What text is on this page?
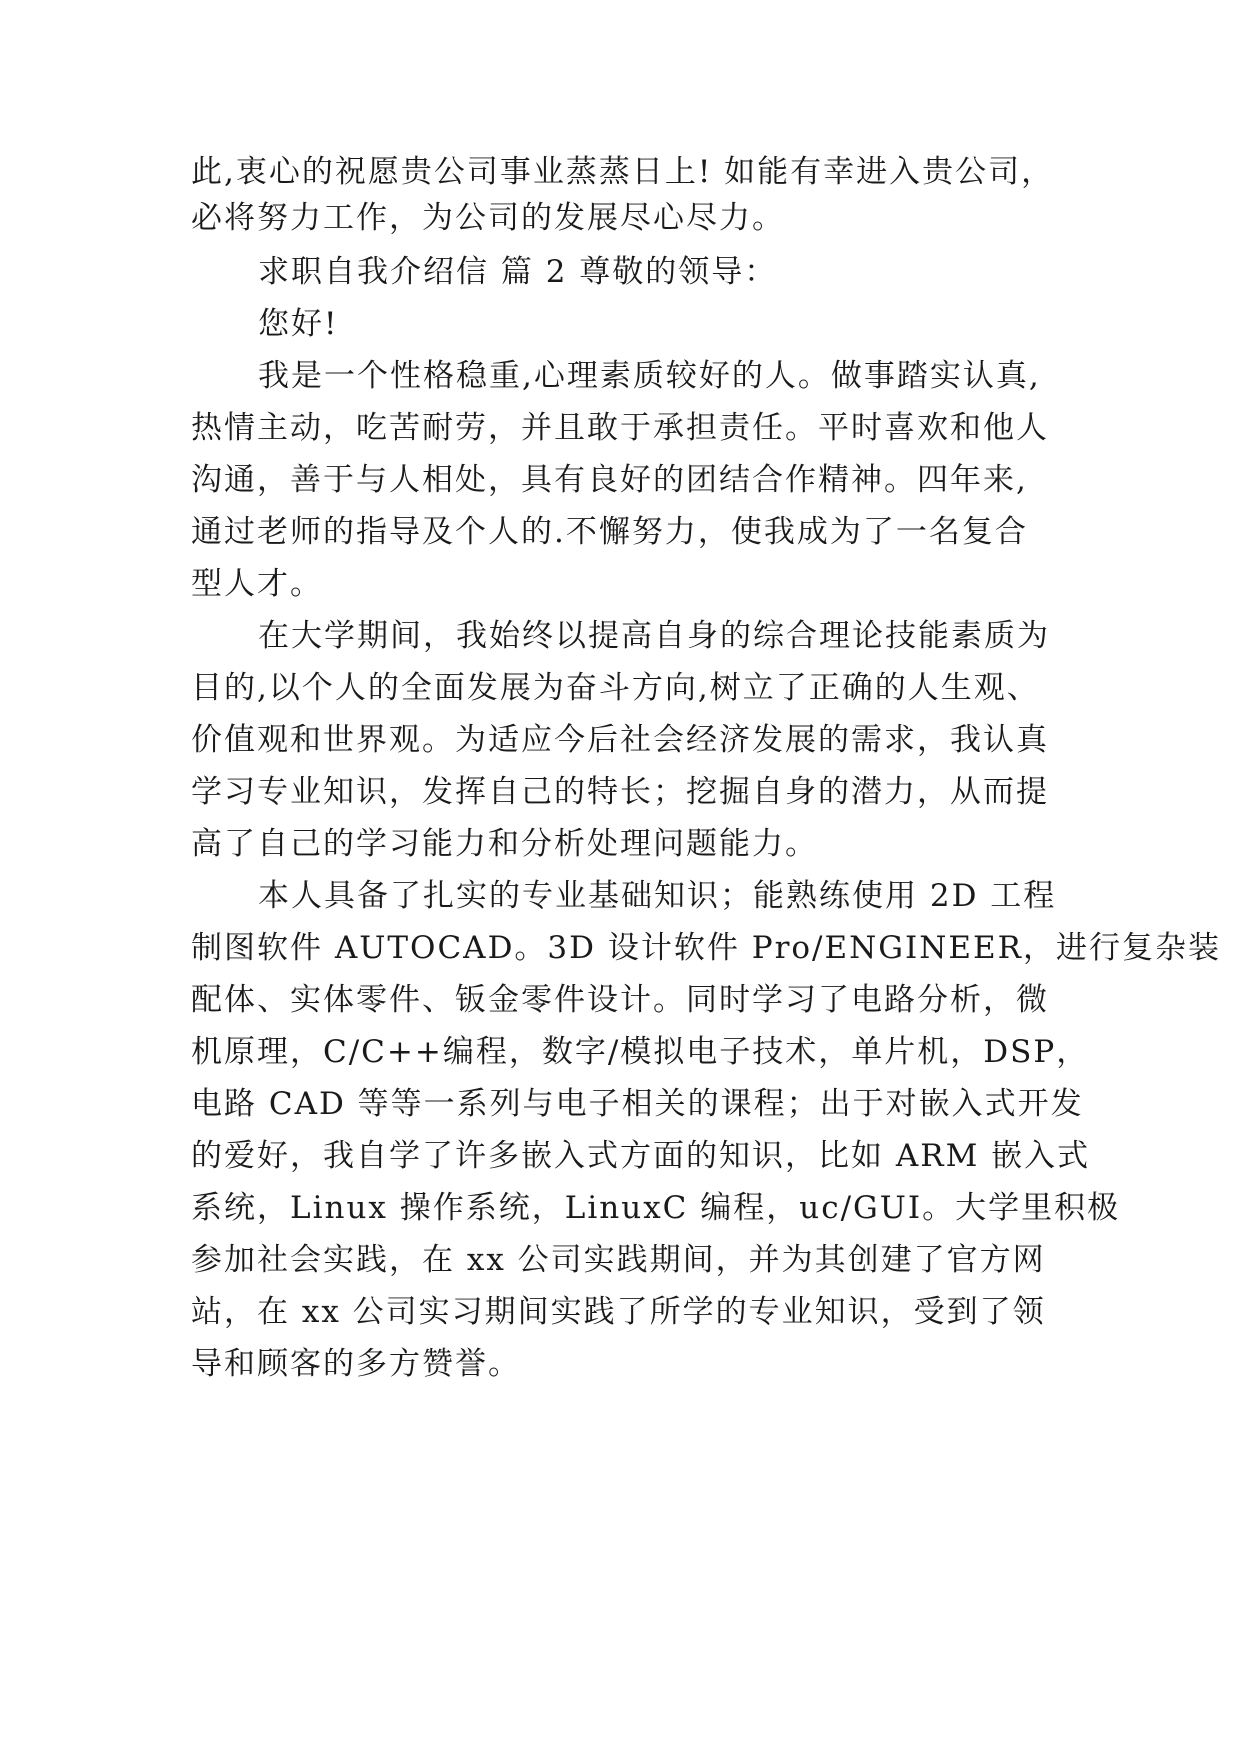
此,衷心的祝愿贵公司事业蒸蒸日上! 如能有幸进入贵公司，
必将努力工作，为公司的发展尽心尽力。
求职自我介绍信 篇 2 尊敬的领导：
您好!
我是一个性格稳重,心理素质较好的人。做事踏实认真,
热情主动，吃苦耐劳，并且敢于承担责任。平时喜欢和他人
沟通，善于与人相处，具有良好的团结合作精神。四年来,
通过老师的指导及个人的.不懈努力，使我成为了一名复合
型人才。
在大学期间，我始终以提高自身的综合理论技能素质为
目的,以个人的全面发展为奋斗方向,树立了正确的人生观、
价值观和世界观。为适应今后社会经济发展的需求，我认真
学习专业知识，发挥自己的特长；挖掘自身的潜力，从而提
高了自己的学习能力和分析处理问题能力。
本人具备了扎实的专业基础知识；能熟练使用 2D 工程
制图软件 AUTOCAD。3D 设计软件 Pro/ENGINEER，进行复杂装
配体、实体零件、钣金零件设计。同时学习了电路分析，微
机原理，C/C++编程，数字/模拟电子技术，单片机，DSP，
电路 CAD 等等一系列与电子相关的课程；出于对嵌入式开发
的爱好，我自学了许多嵌入式方面的知识，比如 ARM 嵌入式
系统，Linux 操作系统，LinuxC 编程，uc/GUI。大学里积极
参加社会实践，在 xx 公司实践期间，并为其创建了官方网
站，在 xx 公司实习期间实践了所学的专业知识，受到了领
导和顾客的多方赞誉。
